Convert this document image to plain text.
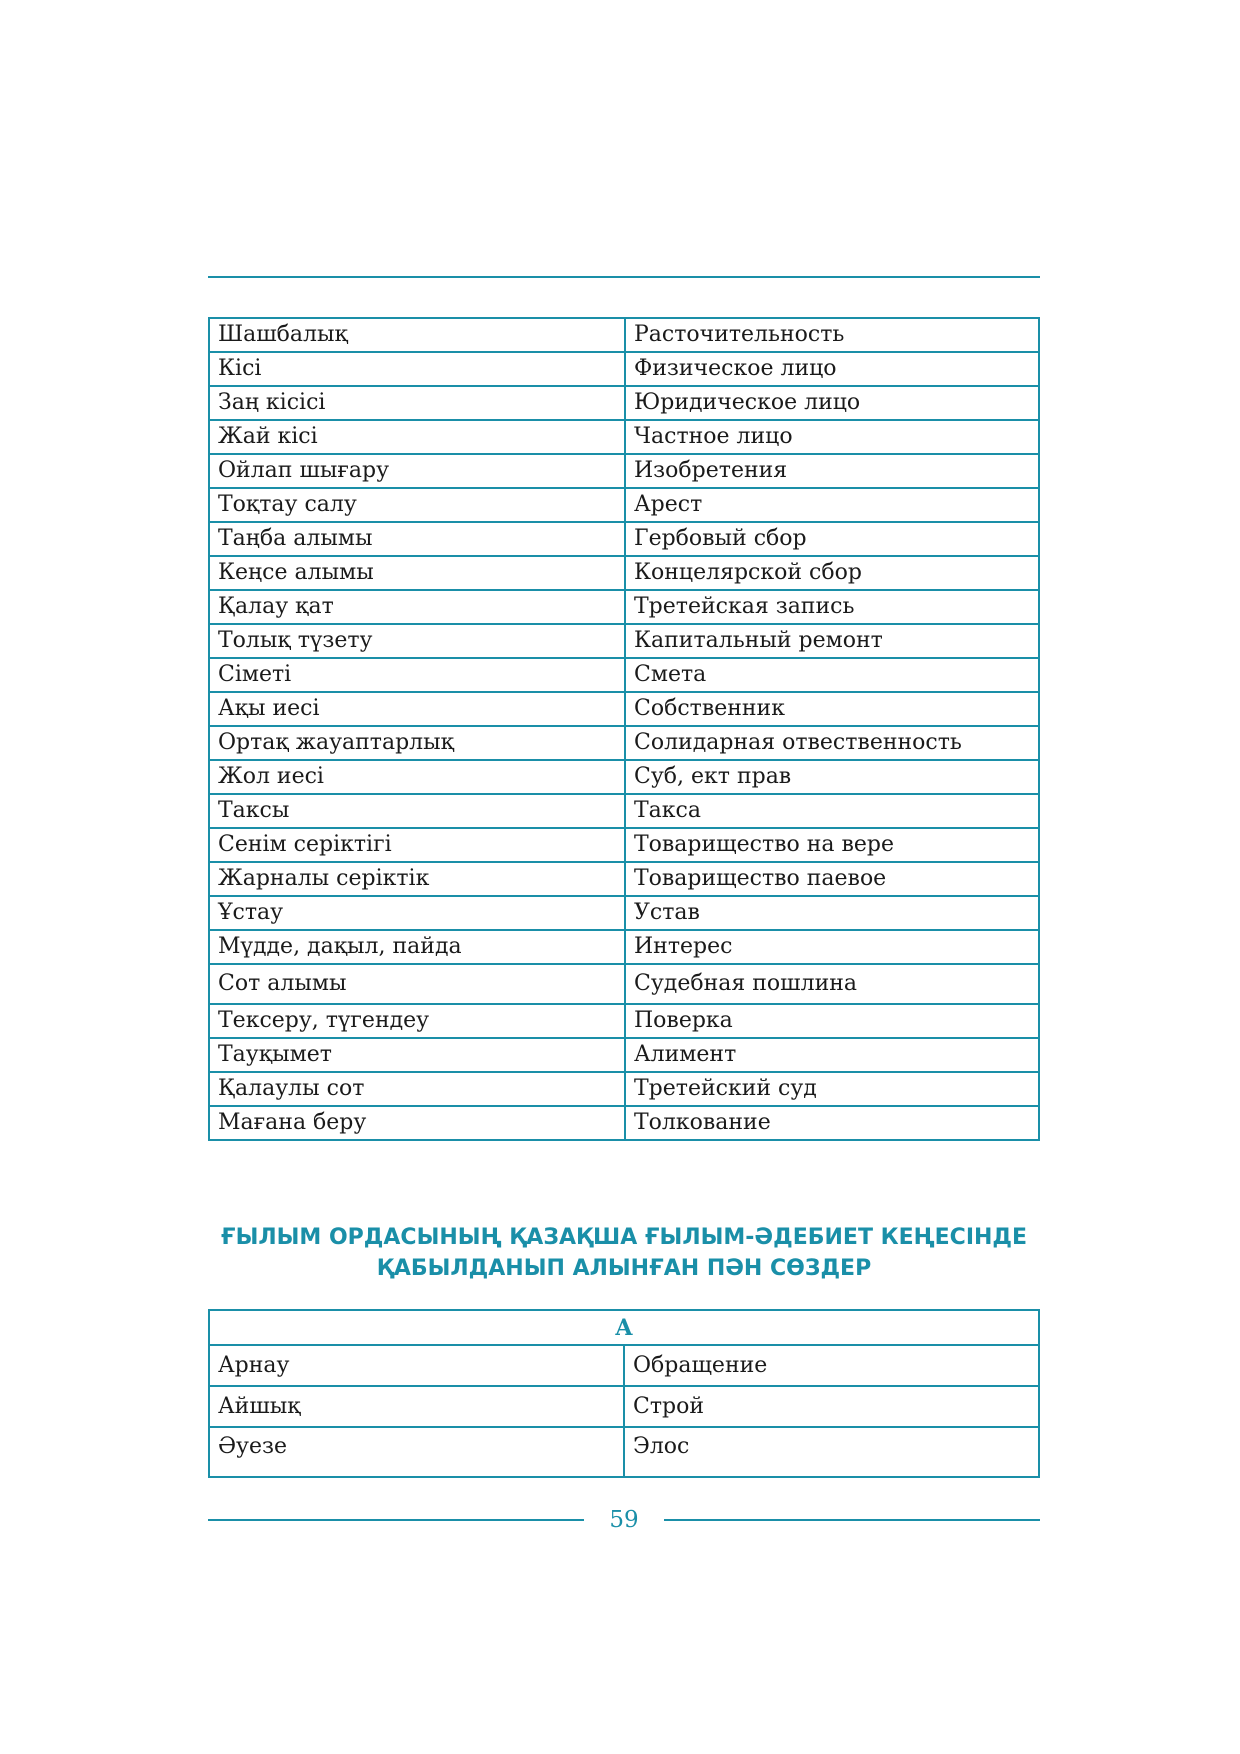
Шашбалық	Расточительность
Кісі	Физическое лицо
Заң кісісі	Юридическое лицо
Жай кісі	Частное лицо
Ойлап шығару	Изобретения
Тоқтау салу	Арест
Таңба алымы	Гербовый сбор
Кеңсе алымы	Концелярской сбор
Қалау қат	Третейская запись
Толық түзету	Капитальный ремонт
Сіметі	Смета
Ақы иесі	Собственник
Ортақ жауаптарлық	Солидарная отвественность
Жол иесі	Суб, ект прав
Таксы	Такса
Сенім серіктігі	Товарищество на вере
Жарналы серіктік	Товарищество паевое
Ұстау	Устав
Мүдде, дақыл, пайда	Интерес
Сот алымы	Судебная пошлина
Тексеру, түгендеу	Поверка
Тауқымет	Алимент
Қалаулы сот	Третейский суд
Мағана беру	Толкование
ҒЫЛЫМ ОРДАСЫНЫҢ ҚАЗАҚША ҒЫЛЫМ-ӘДЕБИЕТ КЕҢЕСІНДЕ
ҚАБЫЛДАНЫП АЛЫНҒАН ПӘН СӨЗДЕР
А	
Арнау	Обращение
Айшық	Строй
Әуезе	Элос
59
